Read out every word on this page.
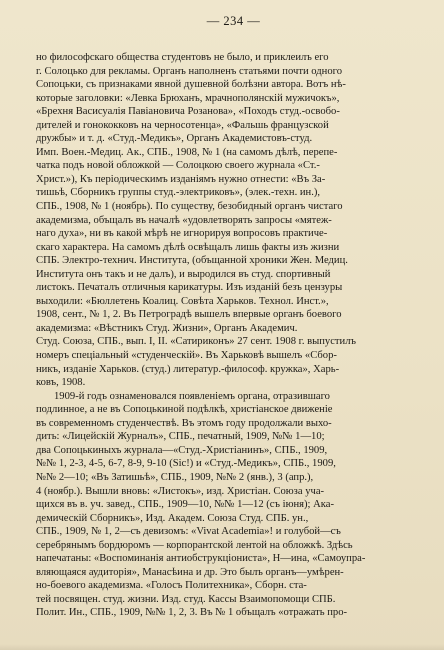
— 234 —
но философскаго общества студентовъ не было, и приклеилъ его
г. Солоцько для рекламы. Органъ наполненъ статьями почти одного
Сопоцьки, съ признаками явной душевной болѣзни автора. Вотъ нѣ-
которые заголовки: «Левка Брюханъ, мрачнополянскій мужичокъ»,
«Брехня Васисуалія Павіановича Розанова», «Походъ студ.-освобо-
дителей и гонококковъ на черносотенца», «Фальшь французской
дружбы» и т. д. «Студ.-Медикъ», Органъ Академистовъ-студ.
Имп. Воен.-Медиц. Ак., СПБ., 1908, № 1 (на самомъ дѣлѣ, перепе-
чатка подъ новой обложкой — Солоцкою своего журнала «Ст.-
Христ.»), Къ періодическимъ изданіямъ нужно отнести: «Въ За-
тишьѣ, Сборникъ группы студ.-электриковъ», (элек.-техн. ин.),
СПБ., 1908, № 1 (ноябрь). По существу, безобидный органъ чистаго
академизма, объщалъ въ началѣ «удовлетворять запросы «мятеж-
наго духа», ни въ какой мѣрѣ не игнорируя вопросовъ практиче-
скаго характера. На самомъ дѣлѣ освѣщалъ лишь факты изъ жизни
СПБ. Электро-технич. Института, (объщанной хроники Жен. Медиц.
Института онъ такъ и не далъ), и выродился въ студ. спортивный
листокъ. Печаталъ отличныя карикатуры. Изъ изданій безъ цензуры
выходили: «Бюллетень Коалиц. Совѣта Харьков. Технол. Инст.»,
1908, сент., № 1, 2. Въ Петроградѣ вышелъ впервые органъ боевого
академизма: «Вѣстникъ Студ. Жизни», Органъ Академич.
Студ. Союза, СПБ., вып. I, II. «Сатириконъ» 27 сент. 1908 г. выпустилъ
номеръ спеціальный «студенческій». Въ Харьковѣ вышелъ «Сбор-
никъ, изданіе Харьков. (студ.) литератур.-философ. кружка», Харь-
ковъ, 1908.
1909-й годъ ознаменовался появленіемъ органа, отразившаго
подлинное, а не въ Сопоцькиной подѣлкѣ, христіанское движеніе
въ современномъ студенчествѣ. Въ этомъ году продолжали выхо-
дить: «Лицейскій Журналъ», СПБ., печатный, 1909, №№ 1—10;
два Сопоцькиныхъ журнала—«Студ.-Христіанинъ», СПБ., 1909,
№№ 1, 2-3, 4-5, 6-7, 8-9, 9-10 (Sic!) и «Студ.-Медикъ», СПБ., 1909,
№№ 2—10; «Въ Затишьѣ», СПБ., 1909, №№ 2 (янв.), 3 (апр.),
4 (ноябр.). Вышли вновь: «Листокъ», изд. Христіан. Союза уча-
щихся въ в. уч. завед., СПБ., 1909—10, №№ 1—12 (съ іюня); Ака-
демическій Сборникъ», Изд. Академ. Союза Студ. СПБ. ун.,
СПБ., 1909, № 1, 2—съ девизомъ: «Vivat Academia»! и голубой—съ
серебрянымъ бордюромъ — корпорантской лентой на обложкѣ. Здѣсь
напечатаны: «Воспоминанія антиобструкціониста», Н—ина, «Самоупра-
вляющаяся аудиторія», Манасѣина и др. Это былъ органъ—умѣрен-
но-боевого академизма. «Голосъ Политехника», Сборн. ста-
тей посвящен. студ. жизни. Изд. студ. Кассы Взаимопомощи СПБ.
Полит. Ин., СПБ., 1909, №№ 1, 2, 3. Въ № 1 объщалъ «отражать про-
